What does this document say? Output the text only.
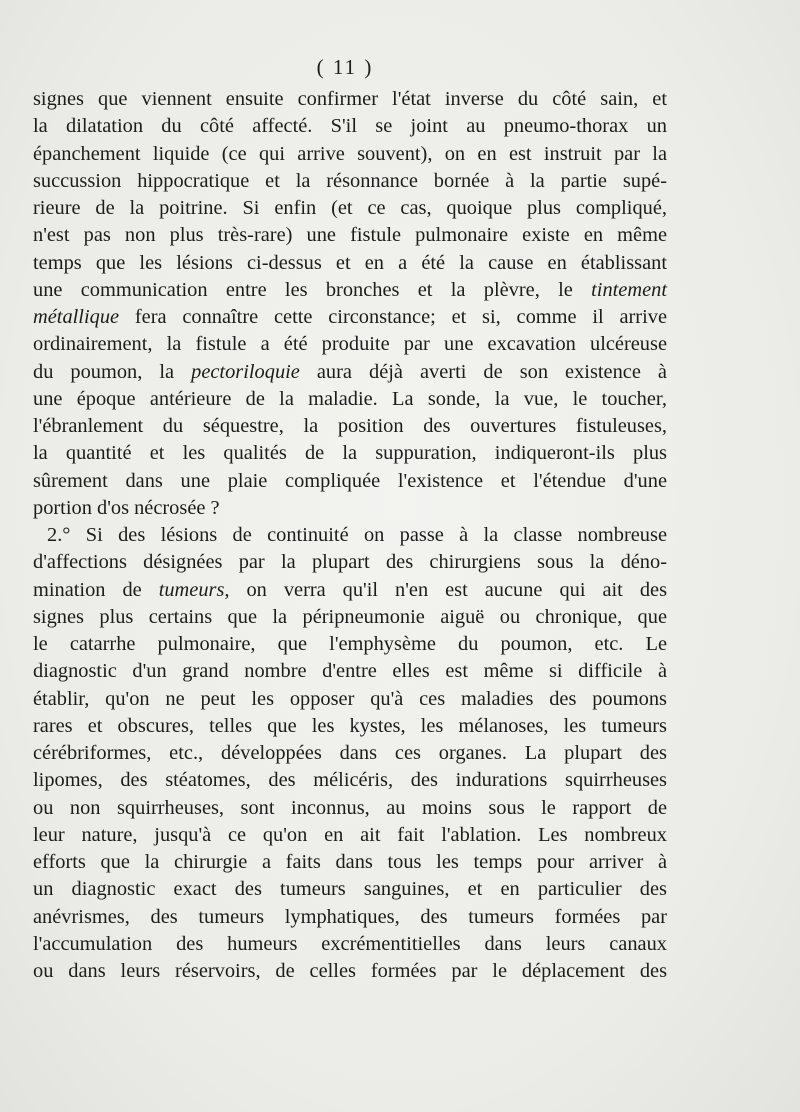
( 11 )
signes que viennent ensuite confirmer l'état inverse du côté sain, et
la dilatation du côté affecté. S'il se joint au pneumo-thorax un
épanchement liquide (ce qui arrive souvent), on en est instruit par la
succussion hippocratique et la résonnance bornée à la partie supé-
rieure de la poitrine. Si enfin (et ce cas, quoique plus compliqué,
n'est pas non plus très-rare) une fistule pulmonaire existe en même
temps que les lésions ci-dessus et en a été la cause en établissant
une communication entre les bronches et la plèvre, le tintement
métallique fera connaître cette circonstance; et si, comme il arrive
ordinairement, la fistule a été produite par une excavation ulcéreuse
du poumon, la pectoriloquie aura déjà averti de son existence à
une époque antérieure de la maladie. La sonde, la vue, le toucher,
l'ébranlement du séquestre, la position des ouvertures fistuleuses,
la quantité et les qualités de la suppuration, indiqueront-ils plus
sûrement dans une plaie compliquée l'existence et l'étendue d'une
portion d'os nécrosée ?
2.° Si des lésions de continuité on passe à la classe nombreuse
d'affections désignées par la plupart des chirurgiens sous la déno-
mination de tumeurs, on verra qu'il n'en est aucune qui ait des
signes plus certains que la péripneumonie aiguë ou chronique, que
le catarrhe pulmonaire, que l'emphysème du poumon, etc. Le
diagnostic d'un grand nombre d'entre elles est même si difficile à
établir, qu'on ne peut les opposer qu'à ces maladies des poumons
rares et obscures, telles que les kystes, les mélanoses, les tumeurs
cérébriformes, etc., développées dans ces organes. La plupart des
lipomes, des stéatomes, des mélicéris, des indurations squirrheuses
ou non squirrheuses, sont inconnus, au moins sous le rapport de
leur nature, jusqu'à ce qu'on en ait fait l'ablation. Les nombreux
efforts que la chirurgie a faits dans tous les temps pour arriver à
un diagnostic exact des tumeurs sanguines, et en particulier des
anévrismes, des tumeurs lymphatiques, des tumeurs formées par
l'accumulation des humeurs excrémentitielles dans leurs canaux
ou dans leurs réservoirs, de celles formées par le déplacement des
